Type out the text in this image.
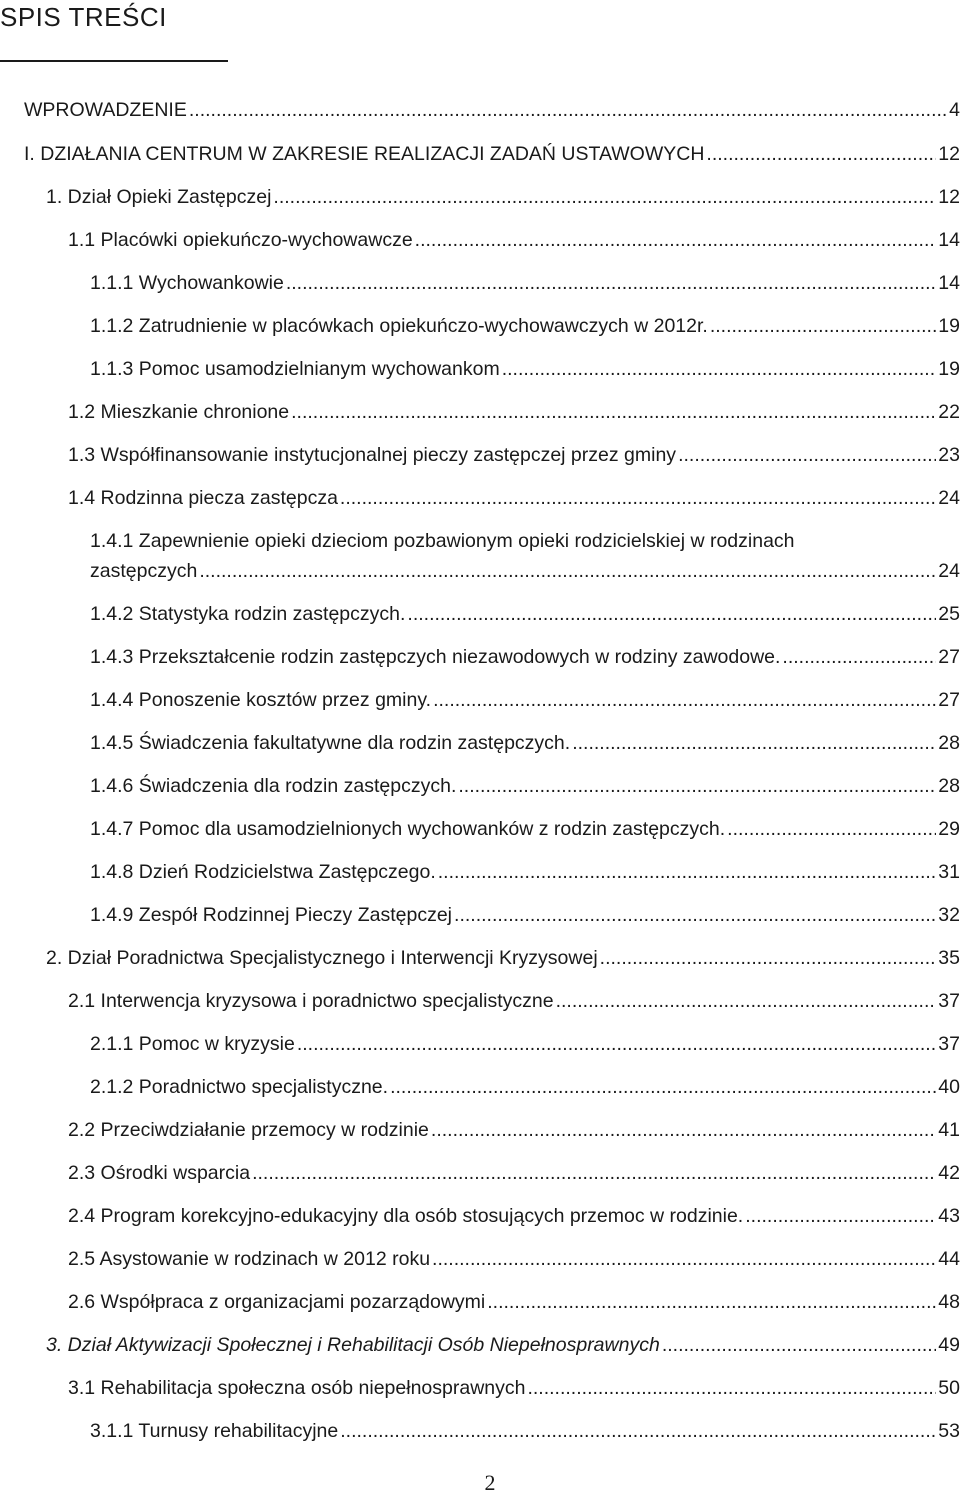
SPIS TREŚCI
WPROWADZENIE .....	4
I. DZIAŁANIA CENTRUM W ZAKRESIE REALIZACJI ZADAŃ USTAWOWYCH .....	12
1. Dział Opieki Zastępczej .....	12
1.1 Placówki opiekuńczo-wychowawcze .....	14
1.1.1 Wychowankowie .....	14
1.1.2 Zatrudnienie w placówkach opiekuńczo-wychowawczych w 2012r. .....	19
1.1.3 Pomoc usamodzielnianym wychowankom .....	19
1.2 Mieszkanie chronione .....	22
1.3 Współfinansowanie instytucjonalnej pieczy zastępczej przez gminy .....	23
1.4 Rodzinna piecza zastępcza .....	24
1.4.1 Zapewnienie opieki dzieciom pozbawionym opieki rodzicielskiej w rodzinach
zastępczych .....	24
1.4.2 Statystyka rodzin zastępczych. .....	25
1.4.3 Przekształcenie rodzin zastępczych niezawodowych w rodziny zawodowe. .....	27
1.4.4 Ponoszenie kosztów przez gminy. .....	27
1.4.5 Świadczenia fakultatywne dla rodzin zastępczych. .....	28
1.4.6 Świadczenia dla rodzin zastępczych. .....	28
1.4.7 Pomoc dla usamodzielnionych wychowanków z rodzin zastępczych. .....	29
1.4.8 Dzień Rodzicielstwa Zastępczego. .....	31
1.4.9 Zespół Rodzinnej Pieczy Zastępczej .....	32
2. Dział Poradnictwa Specjalistycznego i Interwencji Kryzysowej .....	35
2.1 Interwencja kryzysowa i poradnictwo specjalistyczne .....	37
2.1.1 Pomoc w kryzysie .....	37
2.1.2 Poradnictwo specjalistyczne. .....	40
2.2 Przeciwdziałanie przemocy w rodzinie .....	41
2.3 Ośrodki wsparcia .....	42
2.4 Program korekcyjno-edukacyjny dla osób stosujących przemoc w rodzinie. .....	43
2.5 Asystowanie w rodzinach w 2012 roku .....	44
2.6 Współpraca z organizacjami pozarządowymi .....	48
3. Dział Aktywizacji Społecznej i Rehabilitacji Osób Niepełnosprawnych .....	49
3.1 Rehabilitacja społeczna osób niepełnosprawnych .....	50
3.1.1 Turnusy rehabilitacyjne .....	53
2
